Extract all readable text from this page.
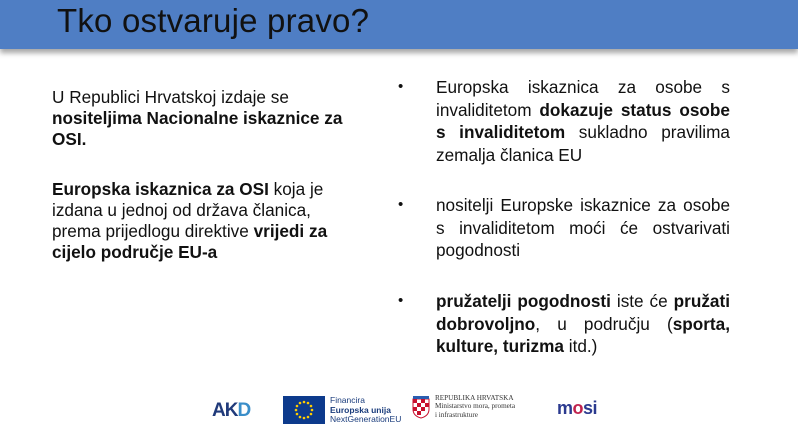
Tko ostvaruje pravo?
U Republici Hrvatskoj izdaje se nositeljima Nacionalne iskaznice za OSI.
Europska iskaznica za OSI koja je izdana u jednoj od država članica, prema prijedlogu direktive vrijedi za cijelo područje EU-a
•	Europska iskaznica za osobe s invaliditetom dokazuje status osobe s invaliditetom sukladno pravilima zemalja članica EU
•	nositelji Europske iskaznice za osobe s invaliditetom moći će ostvarivati pogodnosti
•	pružatelji pogodnosti iste će pružati dobrovoljno, u području (sporta, kulture, turizma itd.)
AKD	Financira
Europska unija
NextGenerationEU
REPUBLIKA HRVATSKA
Ministarstvo mora, prometa
i infrastrukture	mosi
